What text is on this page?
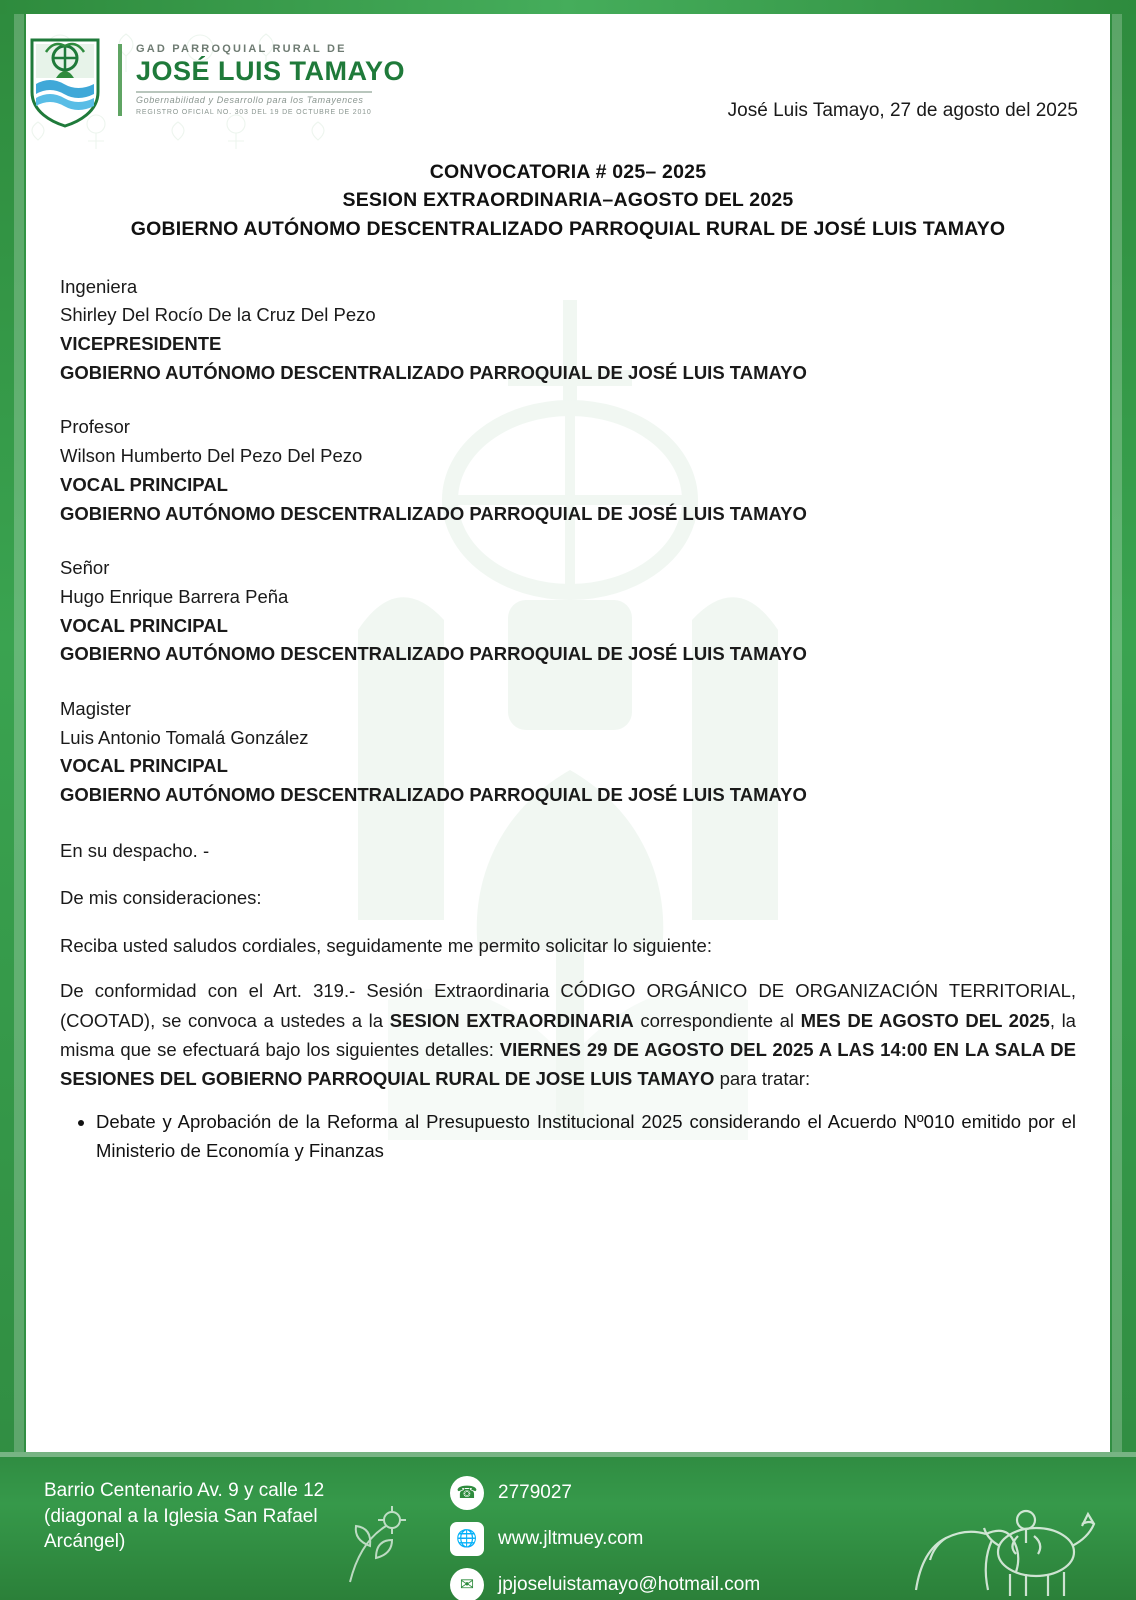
GAD PARROQUIAL RURAL DE
JOSÉ LUIS TAMAYO
Gobernabilidad y Desarrollo para los Tamayences
REGISTRO OFICIAL NO. 303 DEL 19 DE OCTUBRE DE 2010	José Luis Tamayo, 27 de agosto del 2025
CONVOCATORIA # 025– 2025
SESION EXTRAORDINARIA–AGOSTO DEL 2025
GOBIERNO AUTÓNOMO DESCENTRALIZADO PARROQUIAL RURAL DE JOSÉ LUIS TAMAYO
Ingeniera
Shirley Del Rocío De la Cruz Del Pezo
VICEPRESIDENTE
GOBIERNO AUTÓNOMO DESCENTRALIZADO PARROQUIAL DE JOSÉ LUIS TAMAYO
Profesor
Wilson Humberto Del Pezo Del Pezo
VOCAL PRINCIPAL
GOBIERNO AUTÓNOMO DESCENTRALIZADO PARROQUIAL DE JOSÉ LUIS TAMAYO
Señor
Hugo Enrique Barrera Peña
VOCAL PRINCIPAL
GOBIERNO AUTÓNOMO DESCENTRALIZADO PARROQUIAL DE JOSÉ LUIS TAMAYO
Magister
Luis Antonio Tomalá González
VOCAL PRINCIPAL
GOBIERNO AUTÓNOMO DESCENTRALIZADO PARROQUIAL DE JOSÉ LUIS TAMAYO
En su despacho. -
De mis consideraciones:
Reciba usted saludos cordiales, seguidamente me permito solicitar lo siguiente:
De conformidad con el Art. 319.- Sesión Extraordinaria CÓDIGO ORGÁNICO DE ORGANIZACIÓN TERRITORIAL, (COOTAD), se convoca a ustedes a la SESION EXTRAORDINARIA correspondiente al MES DE AGOSTO DEL 2025, la misma que se efectuará bajo los siguientes detalles: VIERNES 29 DE AGOSTO DEL 2025 A LAS 14:00 EN LA SALA DE SESIONES DEL GOBIERNO PARROQUIAL RURAL DE JOSE LUIS TAMAYO para tratar:
• Debate y Aprobación de la Reforma al Presupuesto Institucional 2025 considerando el Acuerdo Nº010 emitido por el Ministerio de Economía y Finanzas
Barrio Centenario Av. 9 y calle 12
(diagonal a la Iglesia San Rafael
Arcángel)
☎	2779027
🌐	www.jltmuey.com
✉	jpjoseluistamayo@hotmail.com
